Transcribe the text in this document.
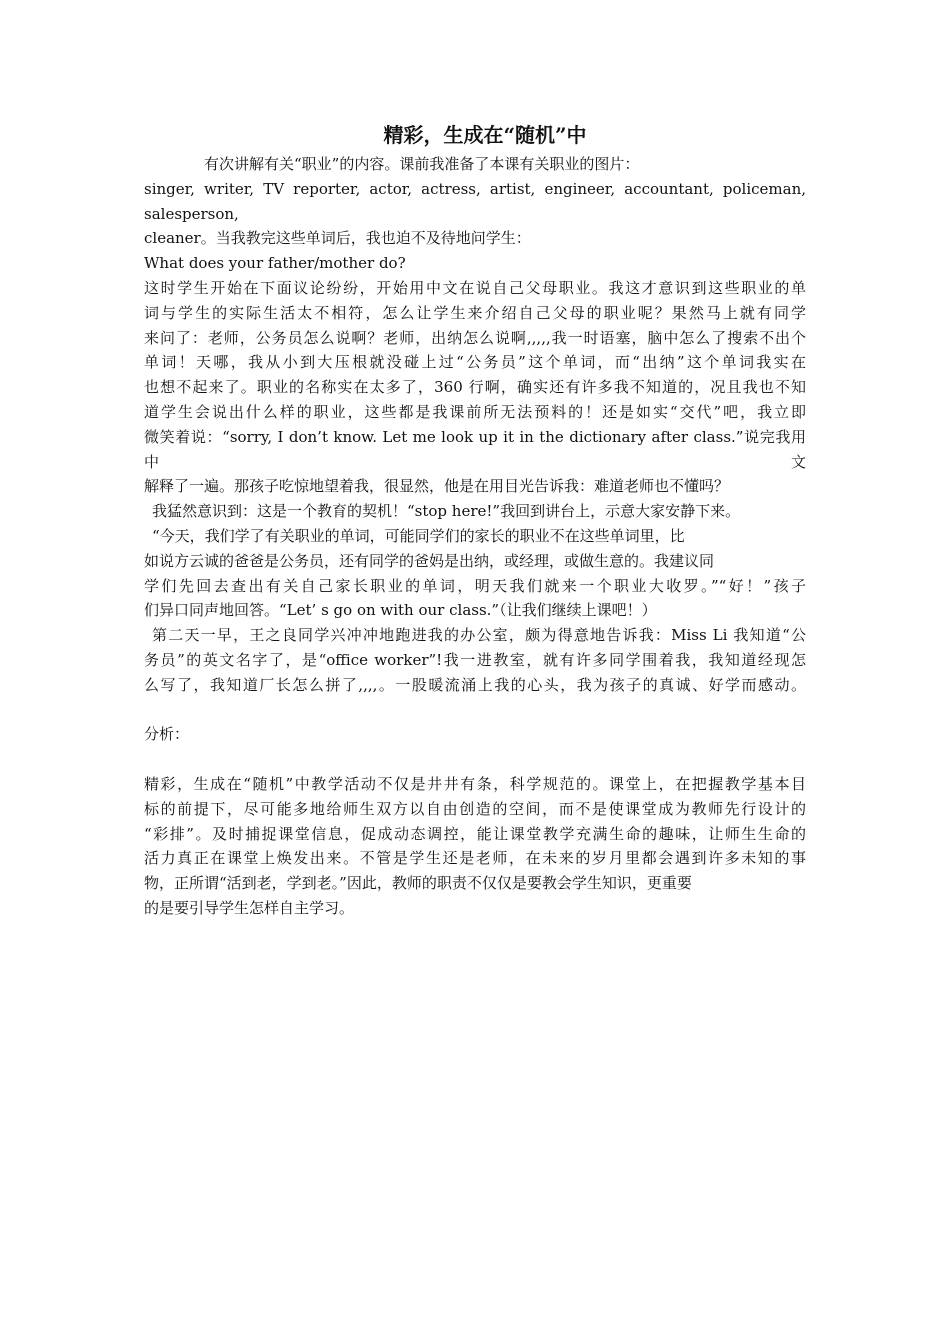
精彩，生成在“随机”中
有次讲解有关“职业”的内容。课前我准备了本课有关职业的图片：
singer, writer, TV reporter, actor, actress, artist, engineer, accountant, policeman, salesperson,
cleaner。当我教完这些单词后，我也迫不及待地问学生：
What does your father/mother do?
这时学生开始在下面议论纷纷，开始用中文在说自己父母职业。我这才意识到这些职业的单
词与学生的实际生活太不相符，怎么让学生来介绍自己父母的职业呢？果然马上就有同学
来问了：老师，公务员怎么说啊？老师，出纳怎么说啊,,,,,我一时语塞，脑中怎么了搜索不出个
单词！天哪，我从小到大压根就没碰上过“公务员”这个单词，而“出纳”这个单词我实在
也想不起来了。职业的名称实在太多了，360 行啊，确实还有许多我不知道的，况且我也不知
道学生会说出什么样的职业，这些都是我课前所无法预料的！还是如实“交代”吧，我立即
微笑着说：“sorry, I don’t know. Let me look up it in the dictionary after class.”说完我用中文
解释了一遍。那孩子吃惊地望着我，很显然，他是在用目光告诉我：难道老师也不懂吗？
我猛然意识到：这是一个教育的契机！“stop here!”我回到讲台上，示意大家安静下来。
“今天，我们学了有关职业的单词，可能同学们的家长的职业不在这些单词里，比
如说方云诚的爸爸是公务员，还有同学的爸妈是出纳，或经理，或做生意的。我建议同
学们先回去查出有关自己家长职业的单词，明天我们就来一个职业大收罗。”“好！”孩子
们异口同声地回答。“Let’ s go on with our class.”（让我们继续上课吧！）
第二天一早，王之良同学兴冲冲地跑进我的办公室，颇为得意地告诉我：Miss Li 我知道“公
务员”的英文名字了，是“office worker”!我一进教室，就有许多同学围着我，我知道经现怎
么写了，我知道厂长怎么拼了,,,,。一股暖流涌上我的心头，我为孩子的真诚、好学而感动。
分析：
精彩，生成在“随机”中教学活动不仅是井井有条，科学规范的。课堂上，在把握教学基本目
标的前提下，尽可能多地给师生双方以自由创造的空间，而不是使课堂成为教师先行设计的
“彩排”。及时捕捉课堂信息，促成动态调控，能让课堂教学充满生命的趣味，让师生生命的
活力真正在课堂上焕发出来。不管是学生还是老师，在未来的岁月里都会遇到许多未知的事
物，正所谓“活到老，学到老。”因此，教师的职责不仅仅是要教会学生知识，更重要
的是要引导学生怎样自主学习。
